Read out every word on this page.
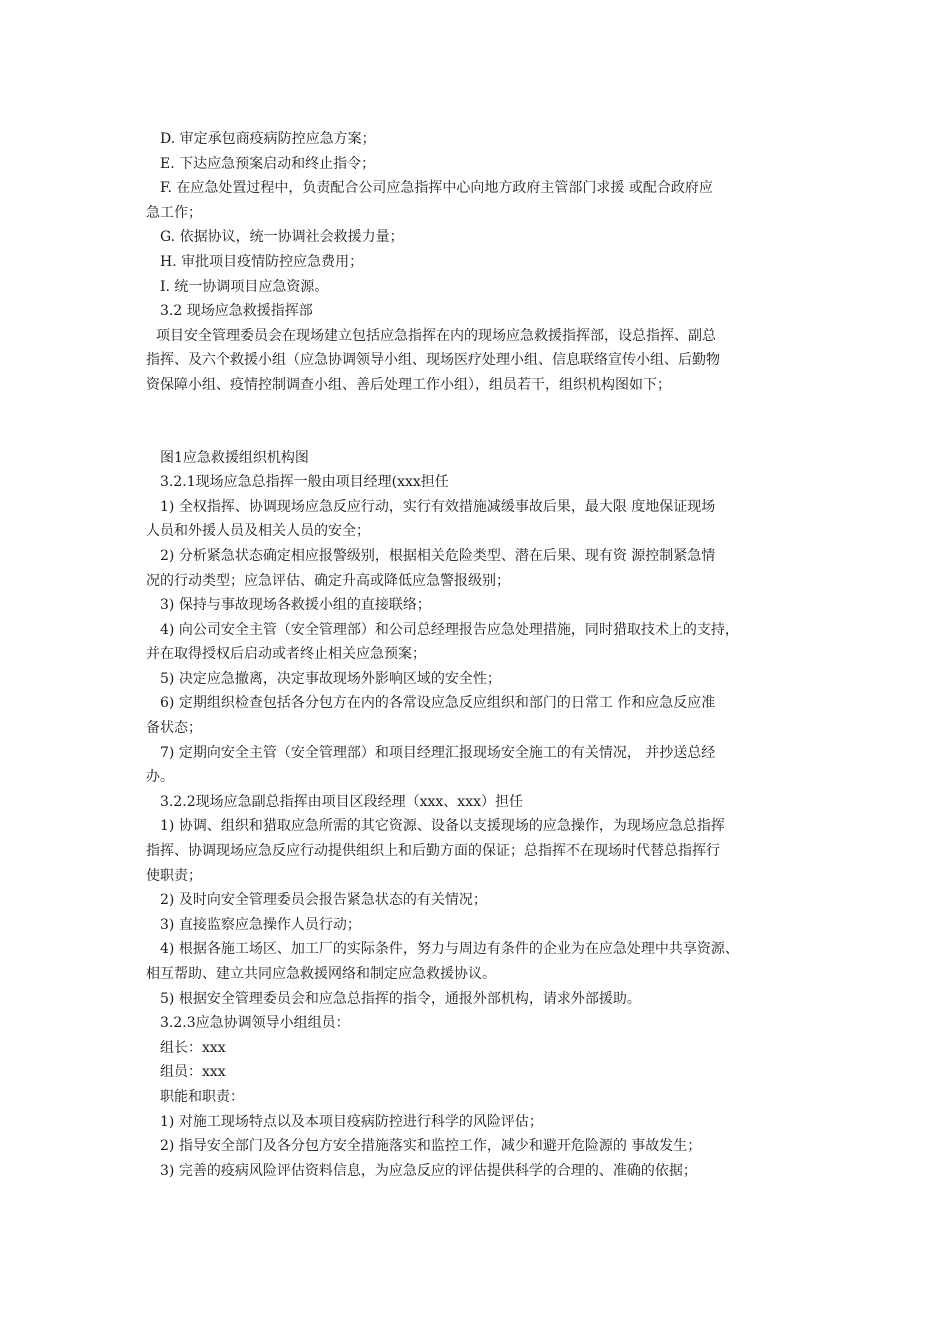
D. 审定承包商疫病防控应急方案；

E. 下达应急预案启动和终止指令；

F. 在应急处置过程中，负责配合公司应急指挥中心向地方政府主管部门求援 或配合政府应

急工作；

G. 依据协议，统一协调社会救援力量；

H. 审批项目疫情防控应急费用；

I. 统一协调项目应急资源。

3.2 现场应急救援指挥部

项目安全管理委员会在现场建立包括应急指挥在内的现场应急救援指挥部，设总指挥、副总

指挥、及六个救援小组（应急协调领导小组、现场医疗处理小组、信息联络宣传小组、后勤物

资保障小组、疫情控制调查小组、善后处理工作小组），组员若干，组织机构图如下；

图1应急救援组织机构图

3.2.1现场应急总指挥一般由项目经理(xxx担任

1) 全权指挥、协调现场应急反应行动，实行有效措施减缓事故后果，最大限 度地保证现场

人员和外援人员及相关人员的安全；

2) 分析紧急状态确定相应报警级别，根据相关危险类型、潜在后果、现有资 源控制紧急情

况的行动类型；应急评估、确定升高或降低应急警报级别；

3) 保持与事故现场各救援小组的直接联络；

4) 向公司安全主管（安全管理部）和公司总经理报告应急处理措施，同时猎取技术上的支持，

并在取得授权后启动或者终止相关应急预案；

5) 决定应急撤离，决定事故现场外影响区域的安全性；

6) 定期组织检查包括各分包方在内的各常设应急反应组织和部门的日常工 作和应急反应准

备状态；

7) 定期向安全主管（安全管理部）和项目经理汇报现场安全施工的有关情况， 并抄送总经

办。

3.2.2现场应急副总指挥由项目区段经理（xxx、xxx）担任

1) 协调、组织和猎取应急所需的其它资源、设备以支援现场的应急操作，为现场应急总指挥

指挥、协调现场应急反应行动提供组织上和后勤方面的保证；总指挥不在现场时代替总指挥行

使职责；

2) 及时向安全管理委员会报告紧急状态的有关情况；

3) 直接监察应急操作人员行动；

4) 根据各施工场区、加工厂的实际条件，努力与周边有条件的企业为在应急处理中共享资源、

相互帮助、建立共同应急救援网络和制定应急救援协议。

5) 根据安全管理委员会和应急总指挥的指令，通报外部机构，请求外部援助。

3.2.3应急协调领导小组组员：

组长：xxx

组员：xxx

职能和职责：

1) 对施工现场特点以及本项目疫病防控进行科学的风险评估；

2) 指导安全部门及各分包方安全措施落实和监控工作，减少和避开危险源的 事故发生；

3) 完善的疫病风险评估资料信息，为应急反应的评估提供科学的合理的、准确的依据；
